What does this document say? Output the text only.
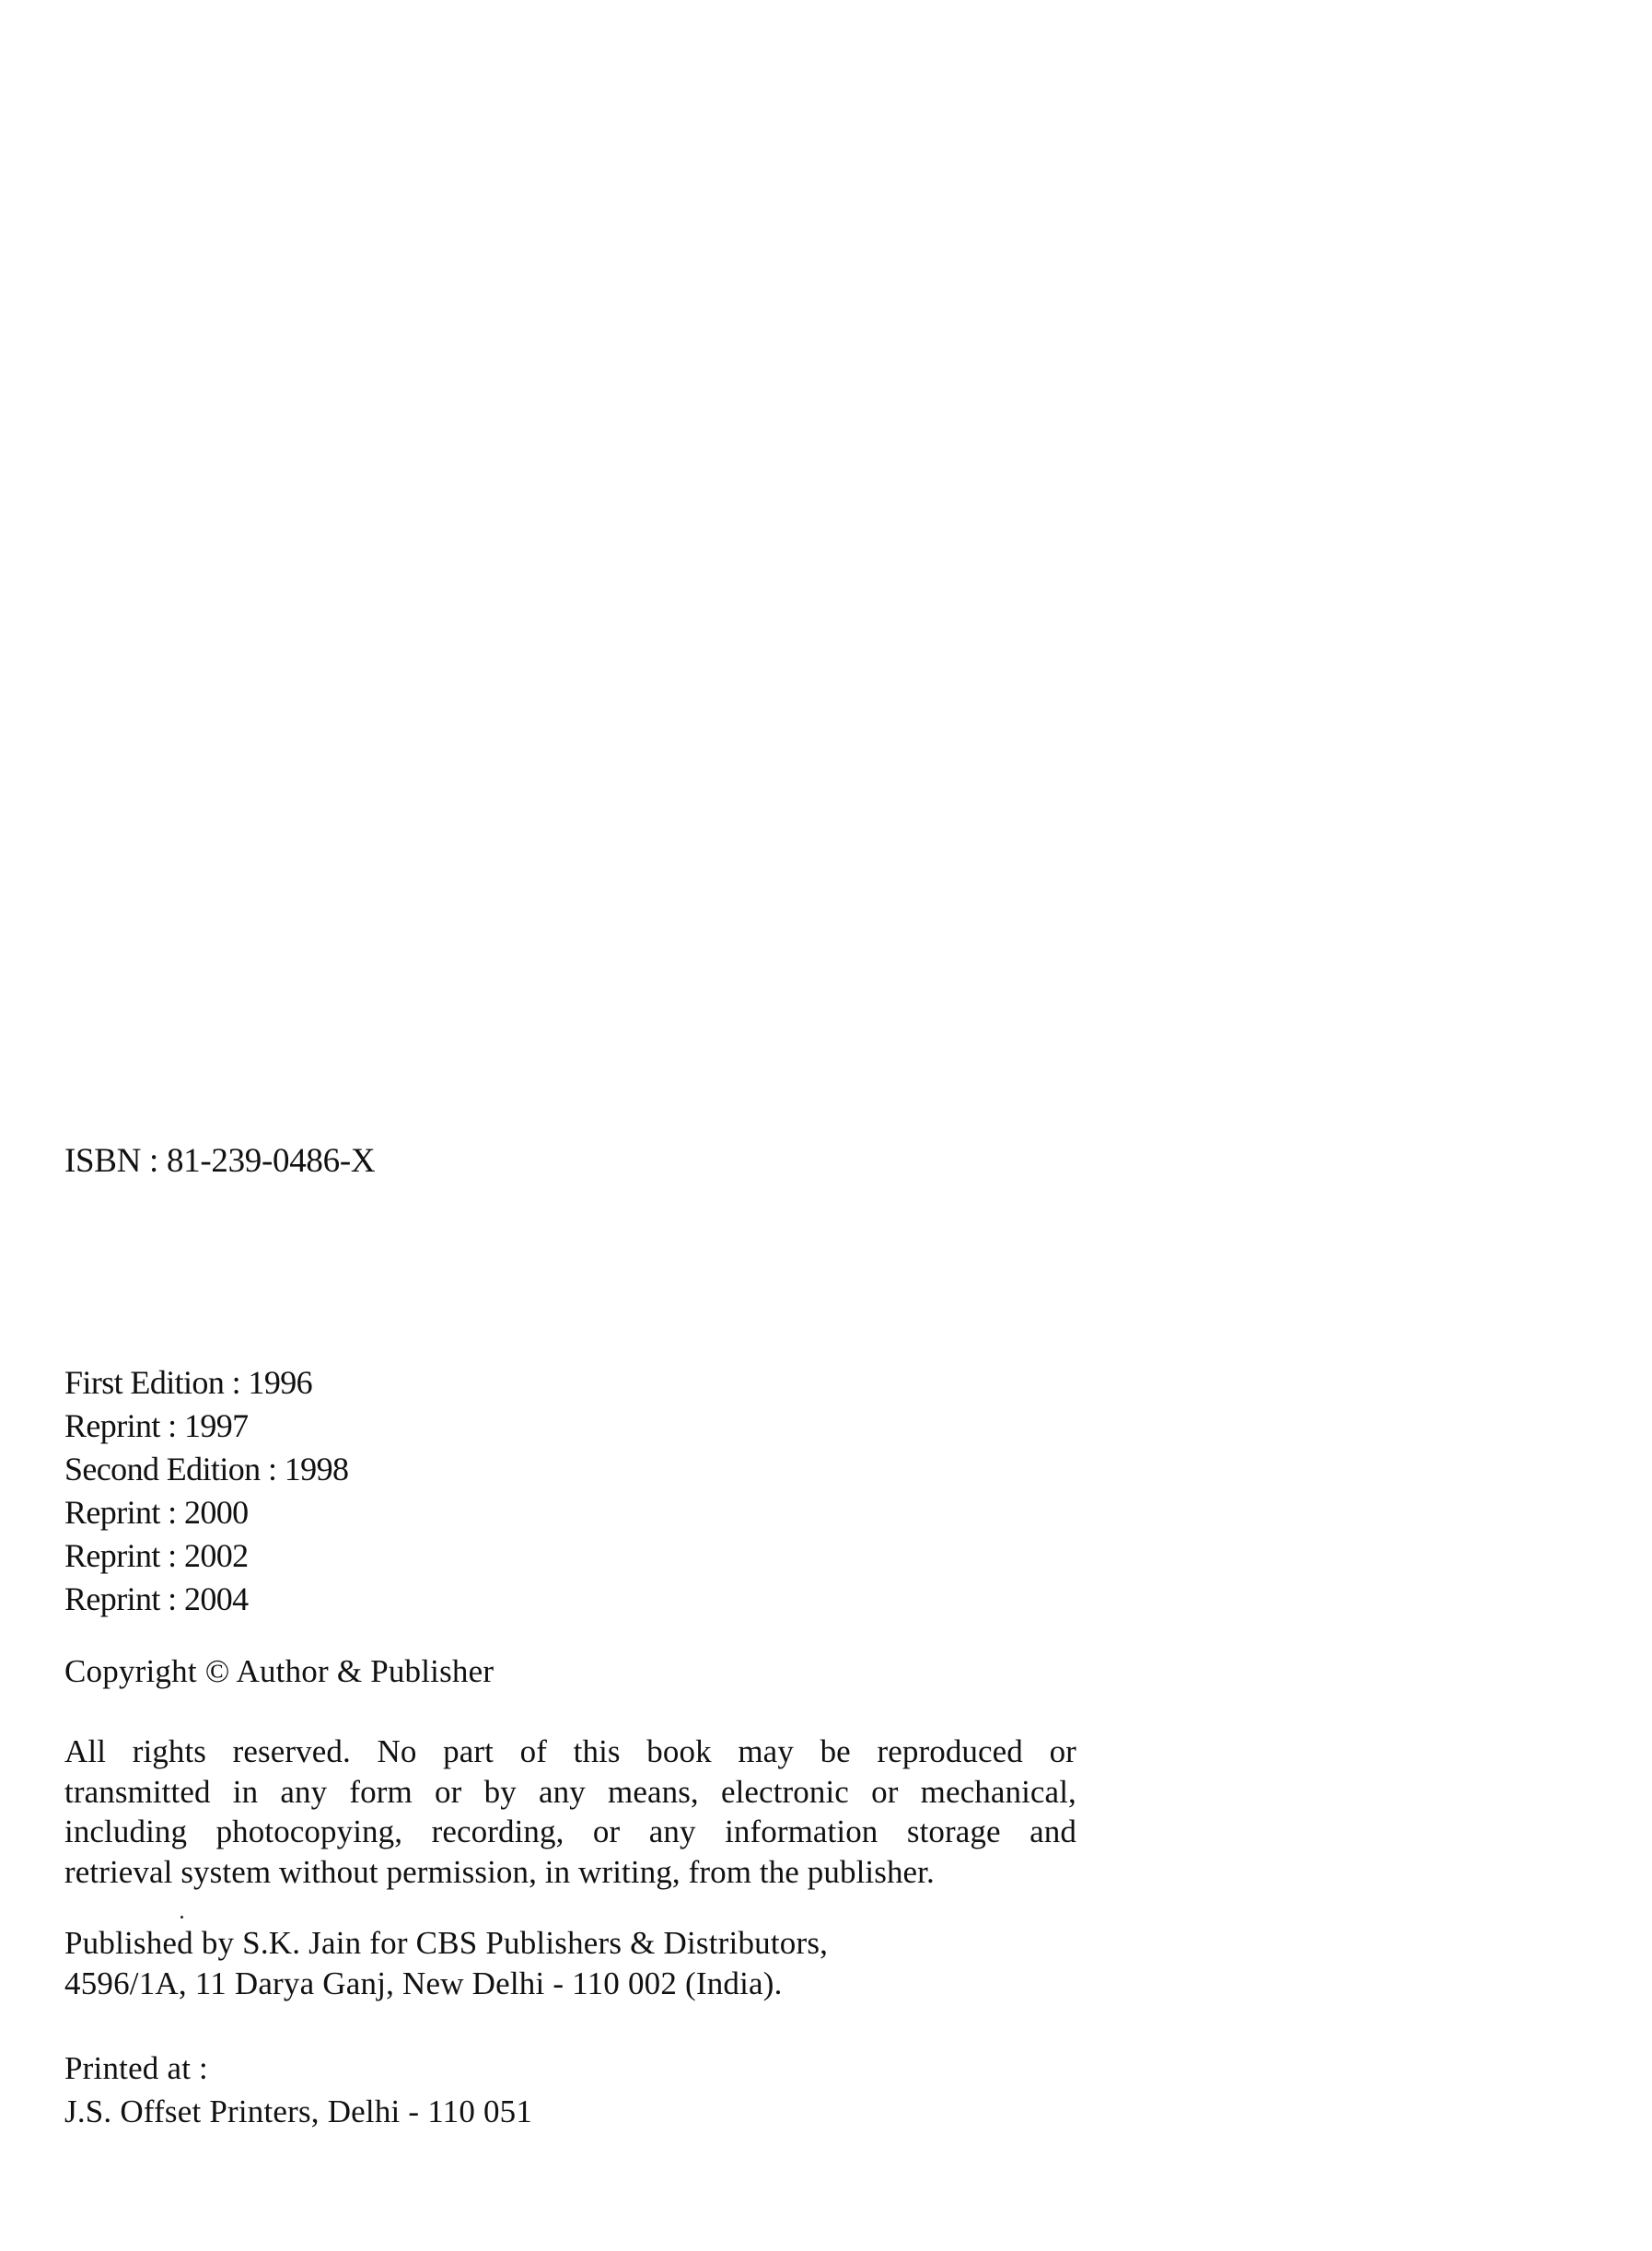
ISBN : 81-239-0486-X

First Edition : 1996
Reprint : 1997
Second Edition : 1998
Reprint : 2000
Reprint : 2002
Reprint : 2004

Copyright © Author & Publisher

All rights reserved. No part of this book may be reproduced or
transmitted in any form or by any means, electronic or mechanical,
including photocopying, recording, or any information storage and
retrieval system without permission, in writing, from the publisher.
Published by S.K. Jain for CBS Publishers & Distributors,
4596/1A, 11 Darya Ganj, New Delhi - 110 002 (India).
Printed at :
J.S. Offset Printers, Delhi - 110 051
